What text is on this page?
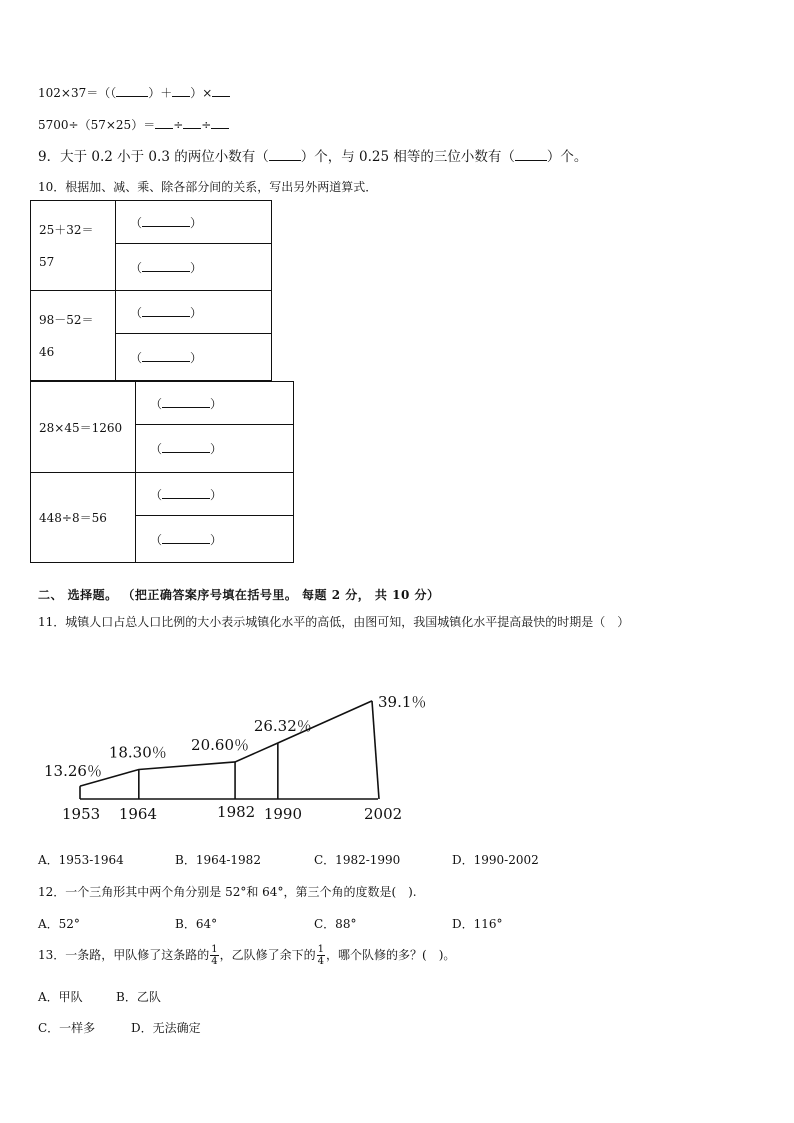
102×37＝（（	）＋ ）×
5700÷（57×25）＝ ÷ ÷
9．大于 0.2 小于 0.3 的两位小数有（ ）个，与 0.25 相等的三位小数有（ ）个。
10．根据加、减、乘、除各部分间的关系，写出另外两道算式．
25＋32＝
57	（ ）
	（ ）

98－52＝
46	（ ）
	（ ）
28×45＝1260	（ ）
	（ ）
448÷8＝56	（ ）
	（ ）
二、 选择题。 （把正确答案序号填在括号里。 每题 2 分， 共 10 分）
11．城镇人口占总人口比例的大小表示城镇化水平的高低，由图可知，我国城镇化水平提高最快的时期是（　）
13.26％
18.30％ 20.60％
26.32％
39.1％
1953 1964	1982 1990	2002
A．1953-1964	B．1964-1982	C．1982-1990	D．1990-2002
12．一个三角形其中两个角分别是 52°和 64°，第三个角的度数是(　).
A．52°	B．64°	C．88°	D．116°
13．一条路，甲队修了这条路的 $\frac{1}{4}$ ，乙队修了余下的 $\frac{1}{4}$ ，哪个队修的多？(　)。
A．甲队	B．乙队
C．一样多	D．无法确定
